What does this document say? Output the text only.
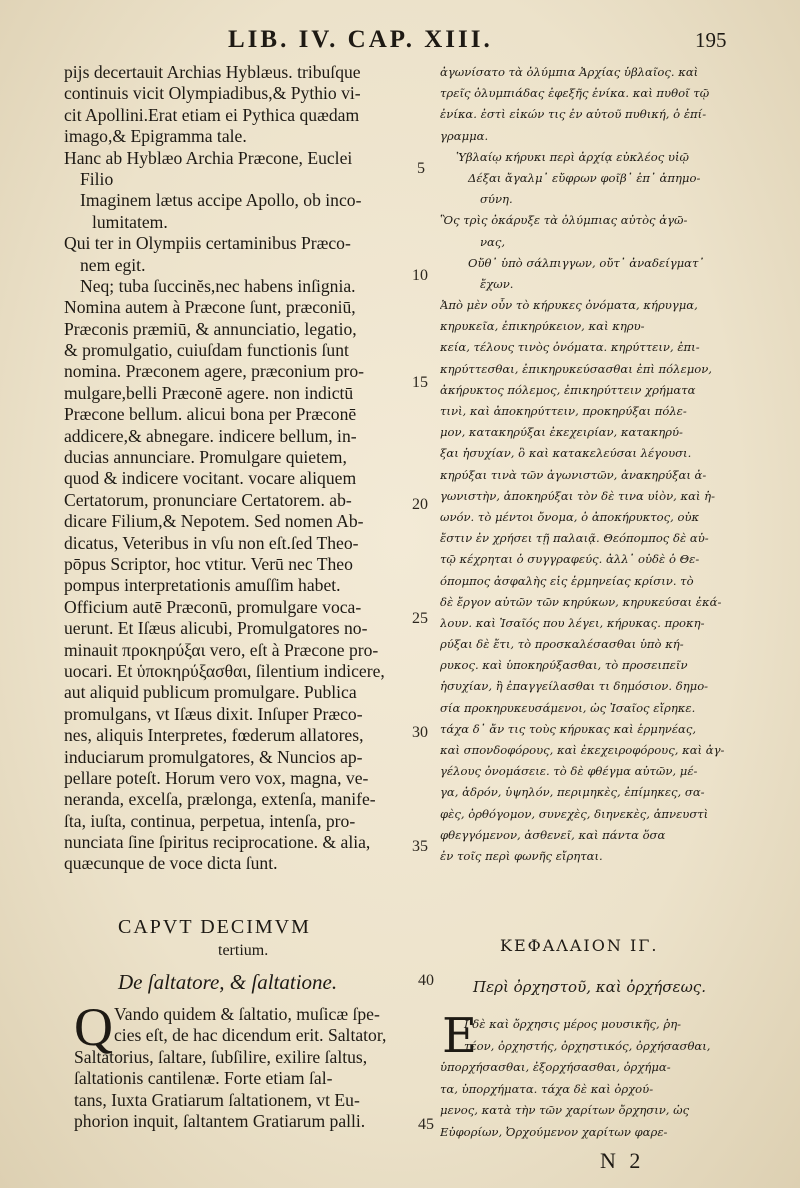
LIB. IV. CAP. XIII.	195
pijs decertauit Archias Hyblæus. tribuſque
continuis vicit Olympiadibus,& Pythio vi-
cit Apollini.Erat etiam ei Pythica quædam
imago,& Epigramma tale.
Hanc ab Hyblæo Archia Præcone, Euclei
Filio
Imaginem lætus accipe Apollo, ob inco-
lumitatem.
Qui ter in Olympiis certaminibus Præco-
nem egit.
Neq; tuba ſuccinĕs,nec habens inſignia.
Nomina autem à Præcone ſunt, præconiū,
Præconis præmiū, & annunciatio, legatio,
& promulgatio, cuiuſdam functionis ſunt
nomina. Præconem agere, præconium pro-
mulgare,belli Præconē agere. non indictū
Præcone bellum. alicui bona per Præconē
addicere,& abnegare. indicere bellum, in-
ducias annunciare. Promulgare quietem,
quod & indicere vocitant. vocare aliquem
Certatorum, pronunciare Certatorem. ab-
dicare Filium,& Nepotem. Sed nomen Ab-
dicatus, Veteribus in vſu non eſt.ſed Theo-
pōpus Scriptor, hoc vtitur. Verū nec Theo
pompus interpretationis amuſſim habet.
Officium autē Præconū, promulgare voca-
uerunt. Et Iſæus alicubi, Promulgatores no-
minauit προκηρύξαι vero, eſt à Præcone pro-
uocari. Et ὑποκηρύξασθαι, ſilentium indicere,
aut aliquid publicum promulgare. Publica
promulgans, vt Iſæus dixit. Inſuper Præco-
nes, aliquis Interpretes, fœderum allatores,
induciarum promulgatores, & Nuncios ap-
pellare poteſt. Horum vero vox, magna, ve-
neranda, excelſa, prælonga, extenſa, manife-
ſta, iuſta, continua, perpetua, intenſa, pro-
nunciata ſine ſpiritus reciprocatione. & alia,
quæcunque de voce dicta ſunt.
ἀγωνίσατο τὰ ὀλύμπια Ἀρχίας ὑβλαῖος. καὶ
τρεῖς ὀλυμπιάδας ἐφεξῆς ἐνίκα. καὶ πυθοῖ τῷ
ἐνίκα. ἐστὶ εἰκών τις ἐν αὐτοῦ πυθική, ὁ ἐπί-
γραμμα.
Ὑβλαίῳ κήρυκι περὶ ἀρχίᾳ εὐκλέος υἱῷ
Δέξαι ἄγαλμ᾽ εὔφρων φοῖβ᾽ ἐπ᾽ ἀπημο-
σύνη.
Ὃς τρὶς ὀκάρυξε τὰ ὀλύμπιας αὐτὸς ἀγῶ-
νας,
Οὔθ᾽ ὑπὸ σάλπιγγων, οὔτ᾽ ἀναδείγματ᾽
ἔχων.
Ἀπὸ μὲν οὖν τὸ κήρυκες ὀνόματα, κήρυγμα,
κηρυκεῖα, ἐπικηρύκειον, καὶ κηρυ-
κεία, τέλους τινὸς ὀνόματα. κηρύττειν, ἐπι-
κηρύττεσθαι, ἐπικηρυκεύσασθαι ἐπὶ πόλεμον,
ἀκήρυκτος πόλεμος, ἐπικηρύττειν χρήματα
τινὶ, καὶ ἀποκηρύττειν, προκηρύξαι πόλε-
μον, κατακηρύξαι ἐκεχειρίαν, κατακηρύ-
ξαι ἡσυχίαν, ὃ καὶ κατακελεύσαι λέγουσι.
κηρύξαι τινὰ τῶν ἀγωνιστῶν, ἀνακηρύξαι ἀ-
γωνιστὴν, ἀποκηρύξαι τὸν δὲ τινα υἱὸν, καὶ ἡ-
ωνόν. τὸ μέντοι ὄνομα, ὁ ἀποκήρυκτος, οὐκ
ἔστιν ἐν χρήσει τῇ παλαιᾷ. Θεόπομπος δὲ αὐ-
τῷ κέχρηται ὁ συγγραφεύς. ἀλλ᾽ οὐδὲ ὁ Θε-
όπομπος ἀσφαλὴς εἰς ἑρμηνείας κρίσιν. τὸ
δὲ ἔργον αὐτῶν τῶν κηρύκων, κηρυκεύσαι ἐκά-
λουν. καὶ Ἰσαῖός που λέγει, κήρυκας. προκη-
ρύξαι δὲ ἔτι, τὸ προσκαλέσασθαι ὑπὸ κή-
ρυκος. καὶ ὑποκηρύξασθαι, τὸ προσειπεῖν
ἡσυχίαν, ἢ ἐπαγγείλασθαι τι δημόσιον. δημο-
σία προκηρυκευσάμενοι, ὡς Ἰσαῖος εἴρηκε.
τάχα δ᾽ ἄν τις τοὺς κήρυκας καὶ ἑρμηνέας,
καὶ σπονδοφόρους, καὶ ἐκεχειροφόρους, καὶ ἀγ-
γέλους ὀνομάσειε. τὸ δὲ φθέγμα αὐτῶν, μέ-
γα, ἁδρόν, ὑψηλόν, περιμηκὲς, ἐπίμηκες, σα-
φὲς, ὀρθόγομον, συνεχὲς, διηνεκὲς, ἀπνευστὶ
φθεγγόμενον, ἀσθενεῖ, καὶ πάντα ὅσα
ἐν τοῖς περὶ φωνῆς εἴρηται.
5
10
15
20
25
30
35
40
45
CAPVT DECIMVM
tertium.
De ſaltatore, & ſaltatione.
ΚΕΦΑΛΑΙΟΝ ΙΓ.
Περὶ ὀρχηστοῦ, καὶ ὀρχήσεως.
Q	Ε
Vando quidem & ſaltatio, muſicæ ſpe-
cies eſt, de hac dicendum erit. Saltator,
Saltatorius, ſaltare, ſubſilire, exilire ſaltus,
ſaltationis cantilenæ. Forte etiam ſal-
tans, Iuxta Gratiarum ſaltationem, vt Eu-
phorion inquit, ſaltantem Gratiarum palli.
Ι δὲ καὶ ὄρχησις μέρος μουσικῆς, ῥη-
τέον, ὀρχηστής, ὀρχηστικός, ὀρχήσασθαι,
ὑπορχήσασθαι, ἐξορχήσασθαι, ὀρχήμα-
τα, ὑπορχήματα. τάχα δὲ καὶ ὀρχού-
μενος, κατὰ τὴν τῶν χαρίτων ὄρχησιν, ὡς
Εὐφορίων, Ὀρχούμενον χαρίτων φαρε-
N 2
